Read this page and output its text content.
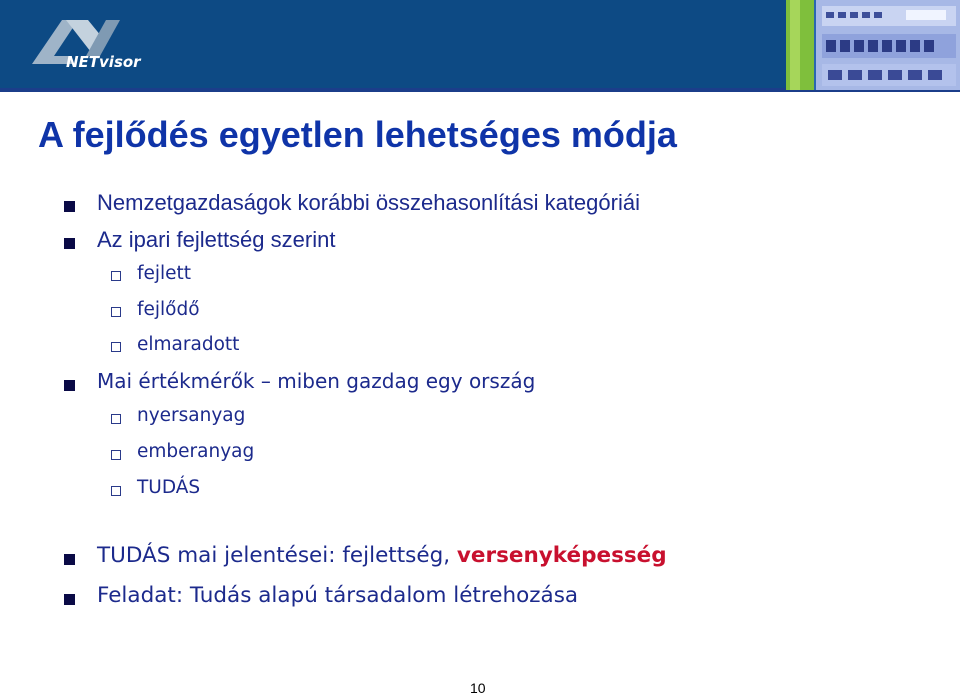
NETvisor
A fejlődés egyetlen lehetséges módja
Nemzetgazdaságok korábbi összehasonlítási kategóriái
Az ipari fejlettség szerint
fejlett
fejlődő
elmaradott
Mai értékmérők – miben gazdag egy ország
nyersanyag
emberanyag
TUDÁS
TUDÁS mai jelentései: fejlettség, versenyképesség
Feladat: Tudás alapú társadalom létrehozása
10
